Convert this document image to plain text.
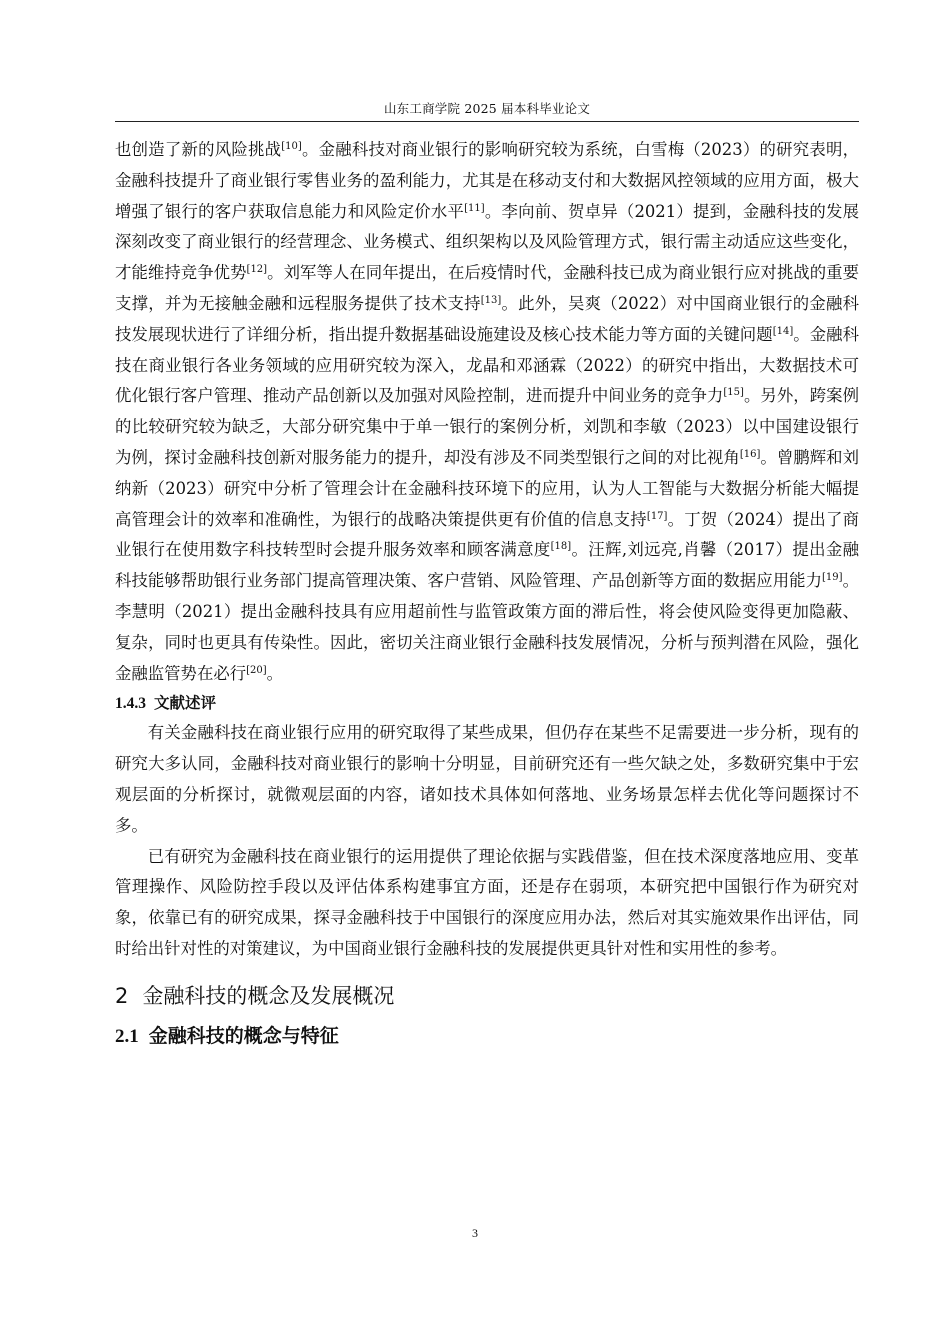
山东工商学院 2025 届本科毕业论文

也创造了新的风险挑战[10]。金融科技对商业银行的影响研究较为系统，白雪梅（2023）的研究表明，金融科技提升了商业银行零售业务的盈利能力，尤其是在移动支付和大数据风控领域的应用方面，极大增强了银行的客户获取信息能力和风险定价水平[11]。李向前、贺卓异（2021）提到，金融科技的发展深刻改变了商业银行的经营理念、业务模式、组织架构以及风险管理方式，银行需主动适应这些变化，才能维持竞争优势[12]。刘军等人在同年提出，在后疫情时代，金融科技已成为商业银行应对挑战的重要支撑，并为无接触金融和远程服务提供了技术支持[13]。此外，吴爽（2022）对中国商业银行的金融科技发展现状进行了详细分析，指出提升数据基础设施建设及核心技术能力等方面的关键问题[14]。金融科技在商业银行各业务领域的应用研究较为深入，龙晶和邓涵霖（2022）的研究中指出，大数据技术可优化银行客户管理、推动产品创新以及加强对风险控制，进而提升中间业务的竞争力[15]。另外，跨案例的比较研究较为缺乏，大部分研究集中于单一银行的案例分析，刘凯和李敏（2023）以中国建设银行为例，探讨金融科技创新对服务能力的提升，却没有涉及不同类型银行之间的对比视角[16]。曾鹏辉和刘纳新（2023）研究中分析了管理会计在金融科技环境下的应用，认为人工智能与大数据分析能大幅提高管理会计的效率和准确性，为银行的战略决策提供更有价值的信息支持[17]。丁贺（2024）提出了商业银行在使用数字科技转型时会提升服务效率和顾客满意度[18]。汪辉,刘远亮,肖馨（2017）提出金融科技能够帮助银行业务部门提高管理决策、客户营销、风险管理、产品创新等方面的数据应用能力[19]。李慧明（2021）提出金融科技具有应用超前性与监管政策方面的滞后性，将会使风险变得更加隐蔽、复杂，同时也更具有传染性。因此，密切关注商业银行金融科技发展情况，分析与预判潜在风险，强化金融监管势在必行[20]。

1.4.3 文献述评

有关金融科技在商业银行应用的研究取得了某些成果，但仍存在某些不足需要进一步分析，现有的研究大多认同，金融科技对商业银行的影响十分明显，目前研究还有一些欠缺之处，多数研究集中于宏观层面的分析探讨，就微观层面的内容，诸如技术具体如何落地、业务场景怎样去优化等问题探讨不多。

已有研究为金融科技在商业银行的运用提供了理论依据与实践借鉴，但在技术深度落地应用、变革管理操作、风险防控手段以及评估体系构建事宜方面，还是存在弱项，本研究把中国银行作为研究对象，依靠已有的研究成果，探寻金融科技于中国银行的深度应用办法，然后对其实施效果作出评估，同时给出针对性的对策建议，为中国商业银行金融科技的发展提供更具针对性和实用性的参考。

2 金融科技的概念及发展概况
2.1 金融科技的概念与特征
3
